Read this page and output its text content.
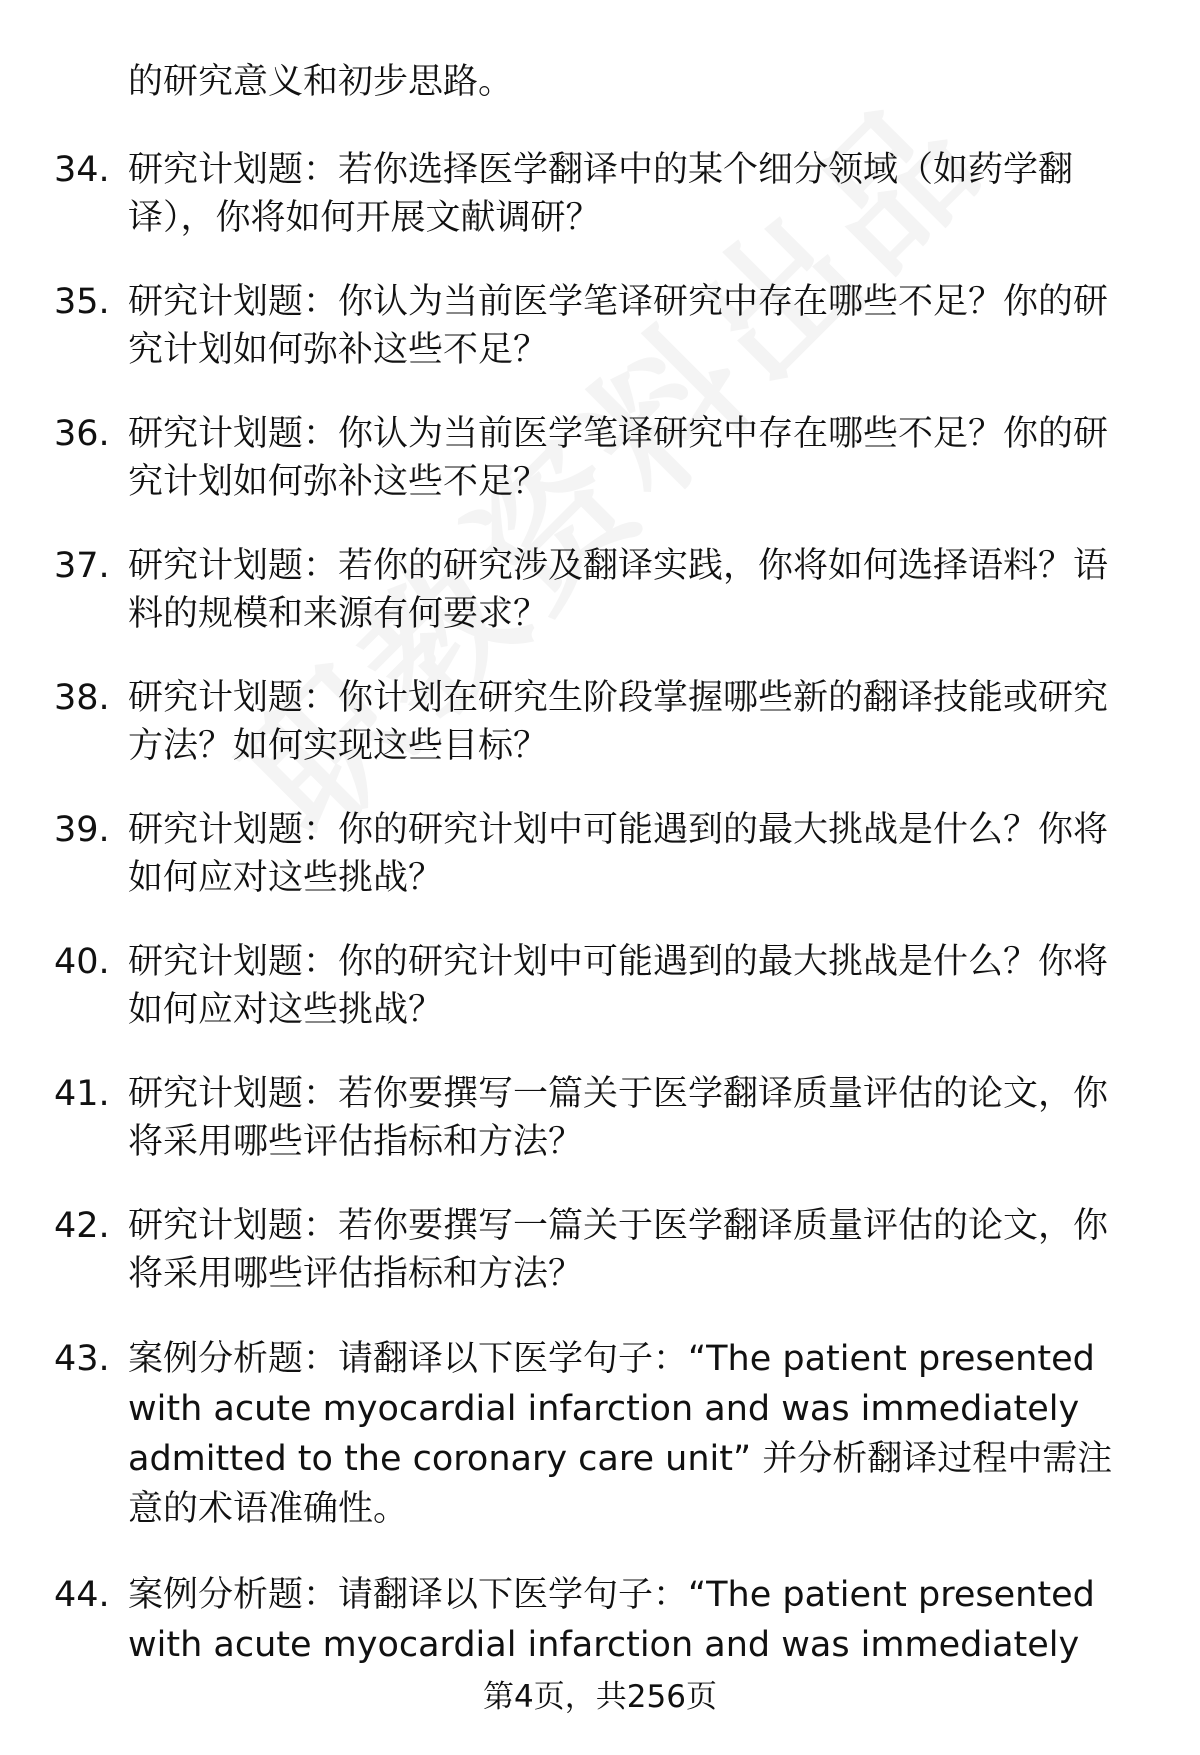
的研究意义和初步思路。

34. 研究计划题：若你选择医学翻译中的某个细分领域（如药学翻译），你将如何开展文献调研？
35. 研究计划题：你认为当前医学笔译研究中存在哪些不足？你的研究计划如何弥补这些不足？
36. 研究计划题：你认为当前医学笔译研究中存在哪些不足？你的研究计划如何弥补这些不足？
37. 研究计划题：若你的研究涉及翻译实践，你将如何选择语料？语料的规模和来源有何要求？
38. 研究计划题：你计划在研究生阶段掌握哪些新的翻译技能或研究方法？如何实现这些目标？
39. 研究计划题：你的研究计划中可能遇到的最大挑战是什么？你将如何应对这些挑战？
40. 研究计划题：你的研究计划中可能遇到的最大挑战是什么？你将如何应对这些挑战？
41. 研究计划题：若你要撰写一篇关于医学翻译质量评估的论文，你将采用哪些评估指标和方法？
42. 研究计划题：若你要撰写一篇关于医学翻译质量评估的论文，你将采用哪些评估指标和方法？
43. 案例分析题：请翻译以下医学句子：“The patient presented with acute myocardial infarction and was immediately admitted to the coronary care unit” 并分析翻译过程中需注意的术语准确性。
44. 案例分析题：请翻译以下医学句子：“The patient presented with acute myocardial infarction and was immediately
第4页，共256页
